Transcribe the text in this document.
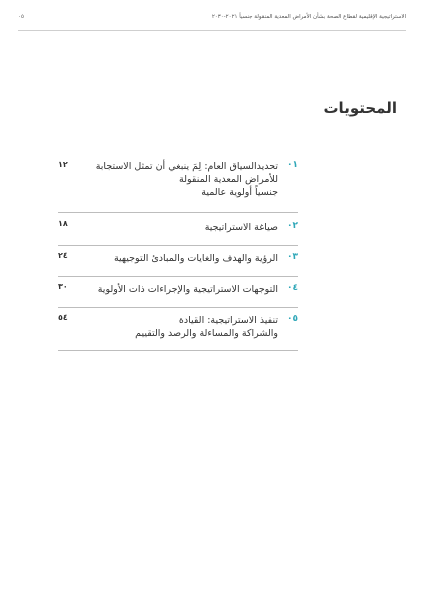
الاستراتيجية الإقليمية لقطاع الصحة بشأن الأمراض المعدية المنقولة جنسياً ٢٠٢١-٢٠٣٠
٠٥
المحتويات
٠١
تحديدالسياق العام: لِمَ ينبغي أن تمثل الاستجابة
للأمراض المعدية المنقولة
جنسياً أولوية عالمية
١٢
٠٢
صياغة الاستراتيجية
١٨
٠٣
الرؤية والهدف والغايات والمبادئ التوجيهية
٢٤
٠٤
التوجهات الاستراتيجية والإجراءات ذات الأولوية
٣٠
٠٥
تنفيذ الاستراتيجية: القيادة
والشراكة والمساءلة والرصد والتقييم
٥٤
